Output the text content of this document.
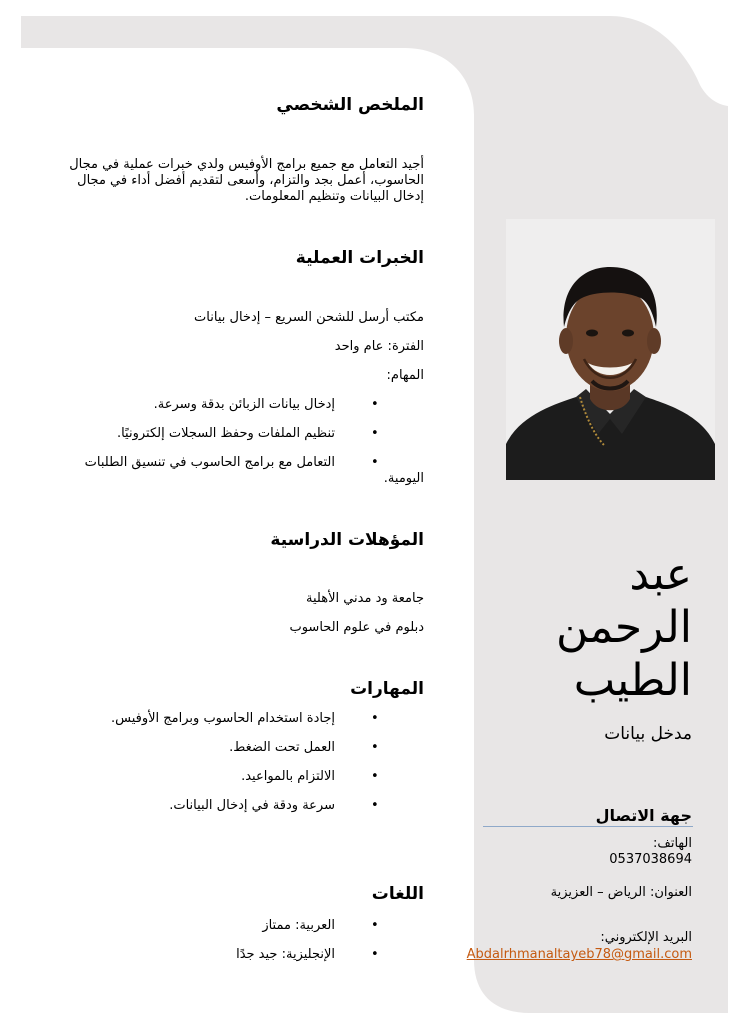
الملخص الشخصي
أجيد التعامل مع جميع برامج الأوفيس ولدي خبرات عملية في مجال الحاسوب، أعمل بجد والتزام، وأسعى لتقديم أفضل أداء في مجال إدخال البيانات وتنظيم المعلومات.
الخبرات العملية
مكتب أرسل للشحن السريع – إدخال بيانات
الفترة: عام واحد
المهام:
•
إدخال بيانات الزبائن بدقة وسرعة.
•
تنظيم الملفات وحفظ السجلات إلكترونيًا.
•
التعامل مع برامج الحاسوب في تنسيق الطلبات
اليومية.
المؤهلات الدراسية
جامعة ود مدني الأهلية
دبلوم في علوم الحاسوب
المهارات
•
إجادة استخدام الحاسوب وبرامج الأوفيس.
•
العمل تحت الضغط.
•
الالتزام بالمواعيد.
•
سرعة ودقة في إدخال البيانات.
اللغات
•
العربية: ممتاز
•
الإنجليزية: جيد جدًا
عبد
الرحمن
الطيب
مدخل بيانات
جهة الاتصال
الهاتف:
0537038694
العنوان: الرياض – العزيزية
البريد الإلكتروني:
Abdalrhmanaltayeb78@gmail.com
